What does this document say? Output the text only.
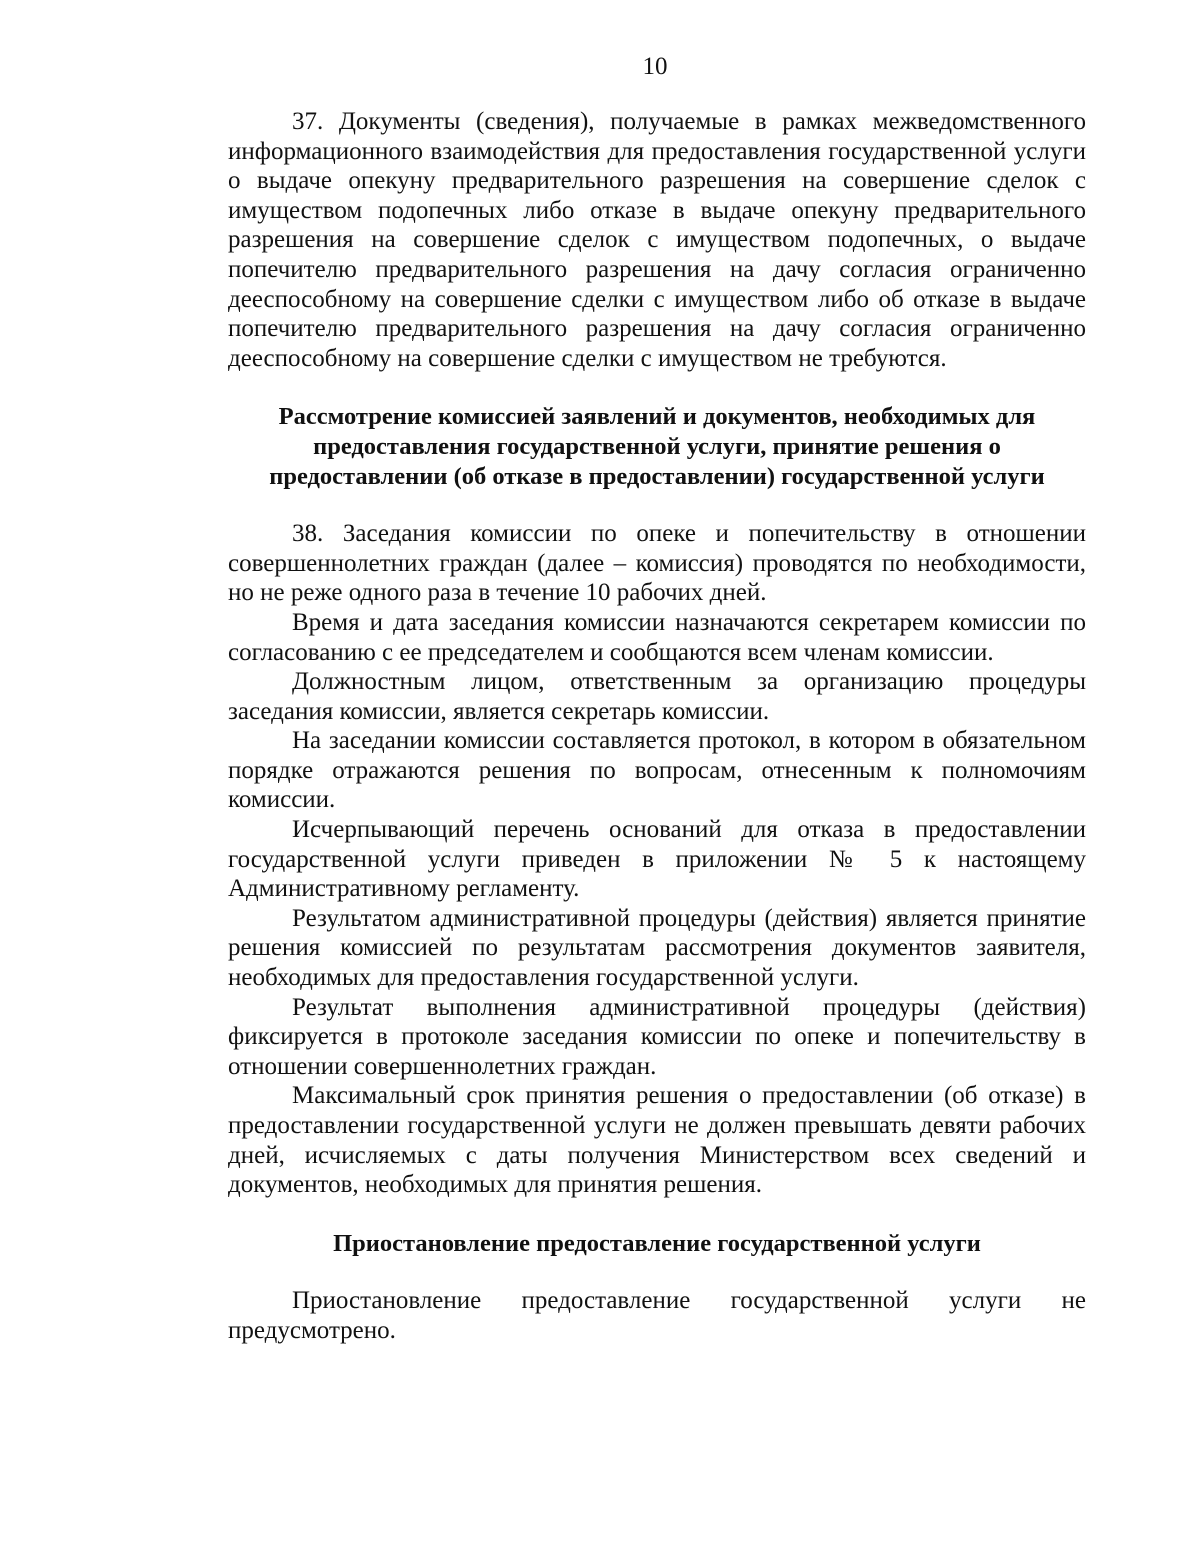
10

37. Документы (сведения), получаемые в рамках межведомственного информационного взаимодействия для предоставления государственной услуги о выдаче опекуну предварительного разрешения на совершение сделок с имуществом подопечных либо отказе в выдаче опекуну предварительного разрешения на совершение сделок с имуществом подопечных, о выдаче попечителю предварительного разрешения на дачу согласия ограниченно дееспособному на совершение сделки с имуществом либо об отказе в выдаче попечителю предварительного разрешения на дачу согласия ограниченно дееспособному на совершение сделки с имуществом не требуются.

Рассмотрение комиссией заявлений и документов, необходимых для предоставления государственной услуги, принятие решения о предоставлении (об отказе в предоставлении) государственной услуги

38. Заседания комиссии по опеке и попечительству в отношении совершеннолетних граждан (далее – комиссия) проводятся по необходимости, но не реже одного раза в течение 10 рабочих дней.

Время и дата заседания комиссии назначаются секретарем комиссии по согласованию с ее председателем и сообщаются всем членам комиссии.

Должностным лицом, ответственным за организацию процедуры заседания комиссии, является секретарь комиссии.

На заседании комиссии составляется протокол, в котором в обязательном порядке отражаются решения по вопросам, отнесенным к полномочиям комиссии.

Исчерпывающий перечень оснований для отказа в предоставлении государственной услуги приведен в приложении № 5 к настоящему Административному регламенту.

Результатом административной процедуры (действия) является принятие решения комиссией по результатам рассмотрения документов заявителя, необходимых для предоставления государственной услуги.

Результат выполнения административной процедуры (действия) фиксируется в протоколе заседания комиссии по опеке и попечительству в отношении совершеннолетних граждан.

Максимальный срок принятия решения о предоставлении (об отказе) в предоставлении государственной услуги не должен превышать девяти рабочих дней, исчисляемых с даты получения Министерством всех сведений и документов, необходимых для принятия решения.

Приостановление предоставление государственной услуги

Приостановление предоставление государственной услуги не предусмотрено.
